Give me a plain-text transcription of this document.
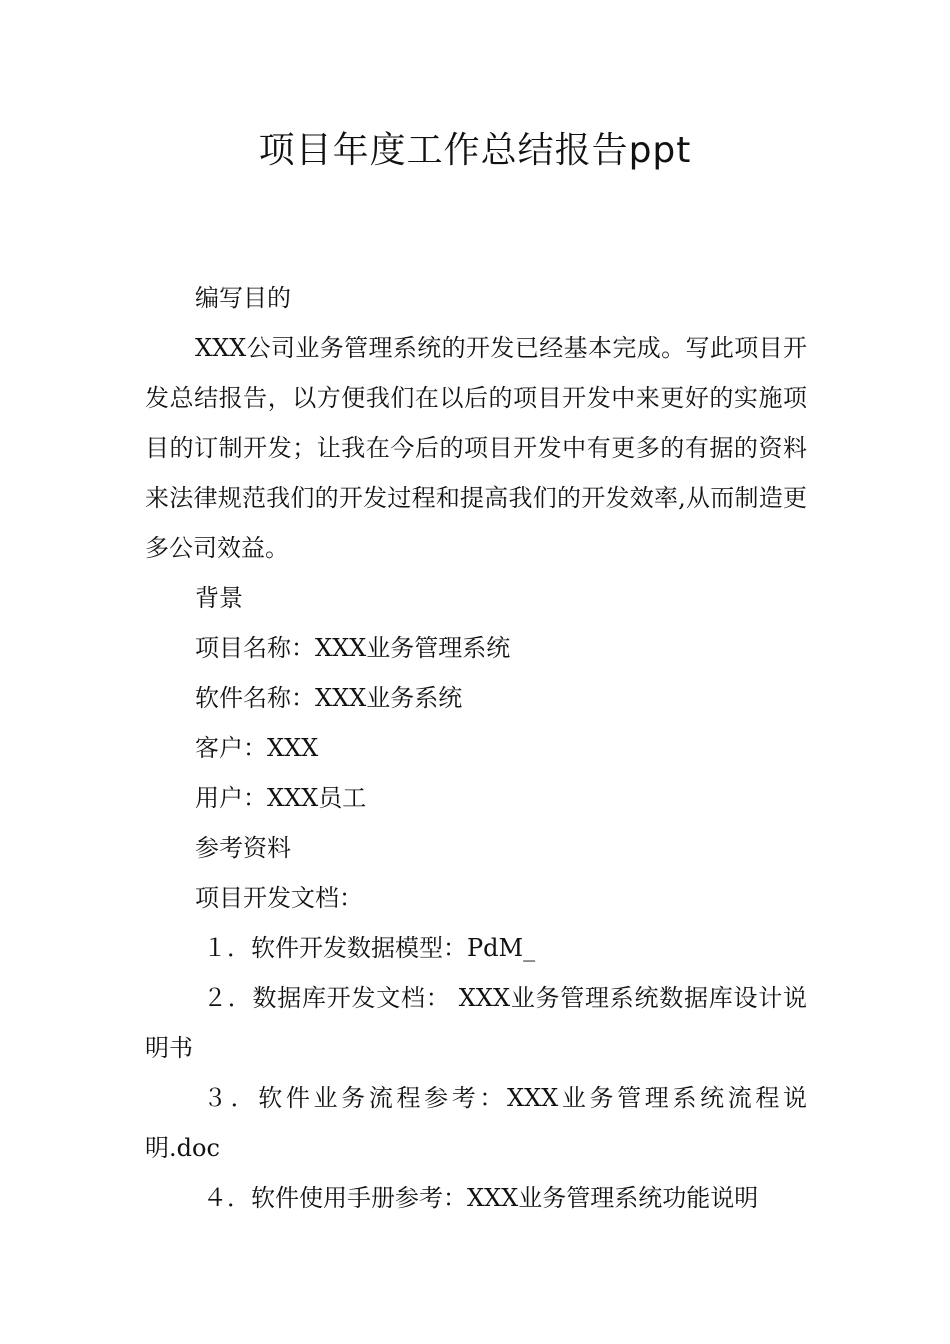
项目年度工作总结报告ppt

编写目的

XXX公司业务管理系统的开发已经基本完成。写此项目开发总结报告，以方便我们在以后的项目开发中来更好的实施项目的订制开发；让我在今后的项目开发中有更多的有据的资料来法律规范我们的开发过程和提高我们的开发效率,从而制造更多公司效益。

背景

项目名称：XXX业务管理系统

软件名称：XXX业务系统

客户：XXX

用户：XXX员工

参考资料

项目开发文档：

１．软件开发数据模型：PdM_

２．数据库开发文档： XXX业务管理系统数据库设计说明书

３．软件业务流程参考：XXX业务管理系统流程说明.doc

４．软件使用手册参考：XXX业务管理系统功能说明
